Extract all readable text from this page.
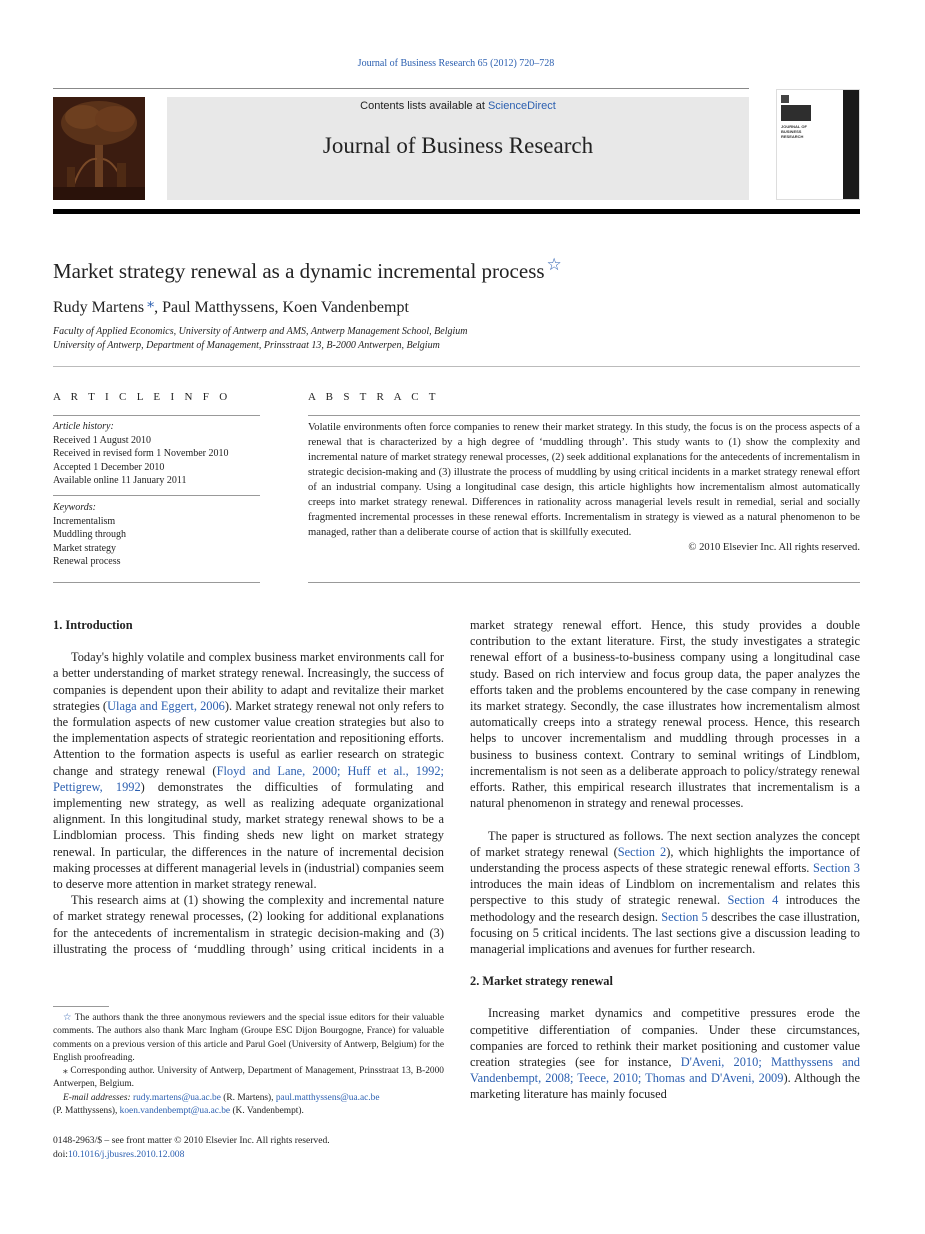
Journal of Business Research 65 (2012) 720–728
Contents lists available at ScienceDirect
Journal of Business Research
JOURNAL OF BUSINESS RESEARCH
Market strategy renewal as a dynamic incremental process ☆
Rudy Martens ⁎, Paul Matthyssens, Koen Vandenbempt
Faculty of Applied Economics, University of Antwerp and AMS, Antwerp Management School, Belgium
University of Antwerp, Department of Management, Prinsstraat 13, B-2000 Antwerpen, Belgium
A R T I C L E I N F O	A B S T R A C T
Article history:
Received 1 August 2010
Received in revised form 1 November 2010
Accepted 1 December 2010
Available online 11 January 2011
Keywords:
Incrementalism
Muddling through
Market strategy
Renewal process
Volatile environments often force companies to renew their market strategy. In this study, the focus is on the process aspects of a renewal that is characterized by a high degree of ‘muddling through’. This study wants to (1) show the complexity and incremental nature of market strategy renewal processes, (2) seek additional explanations for the antecedents of incrementalism in strategic decision-making and (3) illustrate the process of muddling by using critical incidents in a market strategy renewal effort of an industrial company. Using a longitudinal case design, this article highlights how incrementalism almost automatically creeps into market strategy renewal. Differences in rationality across managerial levels result in remedial, serial and socially fragmented incremental processes in these renewal efforts. Incrementalism in strategy is viewed as a natural phenomenon to be managed, rather than a deliberate course of action that is skillfully executed.
© 2010 Elsevier Inc. All rights reserved.
1. Introduction

Today's highly volatile and complex business market environments call for a better understanding of market strategy renewal. Increasingly, the success of companies is dependent upon their ability to adapt and revitalize their market strategies (Ulaga and Eggert, 2006). Market strategy renewal not only refers to the formulation aspects of new customer value creation strategies but also to the implementation aspects of strategic reorientation and repositioning efforts. Attention to the formation aspects is useful as earlier research on strategic change and strategy renewal (Floyd and Lane, 2000; Huff et al., 1992; Pettigrew, 1992) demonstrates the difficulties of formulating and implementing new strategy, as well as realizing adequate organizational alignment. In this longitudinal study, market strategy renewal shows to be a Lindblomian process. This finding sheds new light on market strategy renewal. In particular, the differences in the nature of incremental decision making processes at different managerial levels in (industrial) companies seem to deserve more attention in market strategy renewal.

This research aims at (1) showing the complexity and incremental nature of market strategy renewal processes, (2) looking for additional explanations for the antecedents of incrementalism in strategic decision-making and (3) illustrating the process of ‘muddling through’ using critical incidents in a

market strategy renewal effort. Hence, this study provides a double contribution to the extant literature. First, the study investigates a strategic renewal effort of a business-to-business company using a longitudinal case study. Based on rich interview and focus group data, the paper analyzes the efforts taken and the problems encountered by the case company in renewing its market strategy. Secondly, the case illustrates how incrementalism almost automatically creeps into a strategy renewal process. Hence, this research helps to uncover incrementalism and muddling through processes in a business to business context. Contrary to seminal writings of Lindblom, incrementalism is not seen as a deliberate approach to policy/strategy renewal efforts. Rather, this empirical research illustrates that incrementalism is a natural phenomenon in strategy and renewal processes.

The paper is structured as follows. The next section analyzes the concept of market strategy renewal (Section 2), which highlights the importance of understanding the process aspects of these strategic renewal efforts. Section 3 introduces the main ideas of Lindblom on incrementalism and relates this perspective to this study of strategic renewal. Section 4 introduces the methodology and the research design. Section 5 describes the case illustration, focusing on 5 critical incidents. The last sections give a discussion leading to managerial implications and avenues for further research.

2. Market strategy renewal

Increasing market dynamics and competitive pressures erode the competitive differentiation of companies. Under these circumstances, companies are forced to rethink their market positioning and customer value creation strategies (see for instance, D'Aveni, 2010; Matthyssens and Vandenbempt, 2008; Teece, 2010; Thomas and D'Aveni, 2009). Although the marketing literature has mainly focused

☆ The authors thank the three anonymous reviewers and the special issue editors for their valuable comments. The authors also thank Marc Ingham (Groupe ESC Dijon Bourgogne, France) for valuable comments on a previous version of this article and Parul Goel (University of Antwerp, Belgium) for the English proofreading.

⁎ Corresponding author. University of Antwerp, Department of Management, Prinsstraat 13, B-2000 Antwerpen, Belgium.

E-mail addresses: rudy.martens@ua.ac.be (R. Martens), paul.matthyssens@ua.ac.be
(P. Matthyssens), koen.vandenbempt@ua.ac.be (K. Vandenbempt).

0148-2963/$ – see front matter © 2010 Elsevier Inc. All rights reserved.
doi:10.1016/j.jbusres.2010.12.008
